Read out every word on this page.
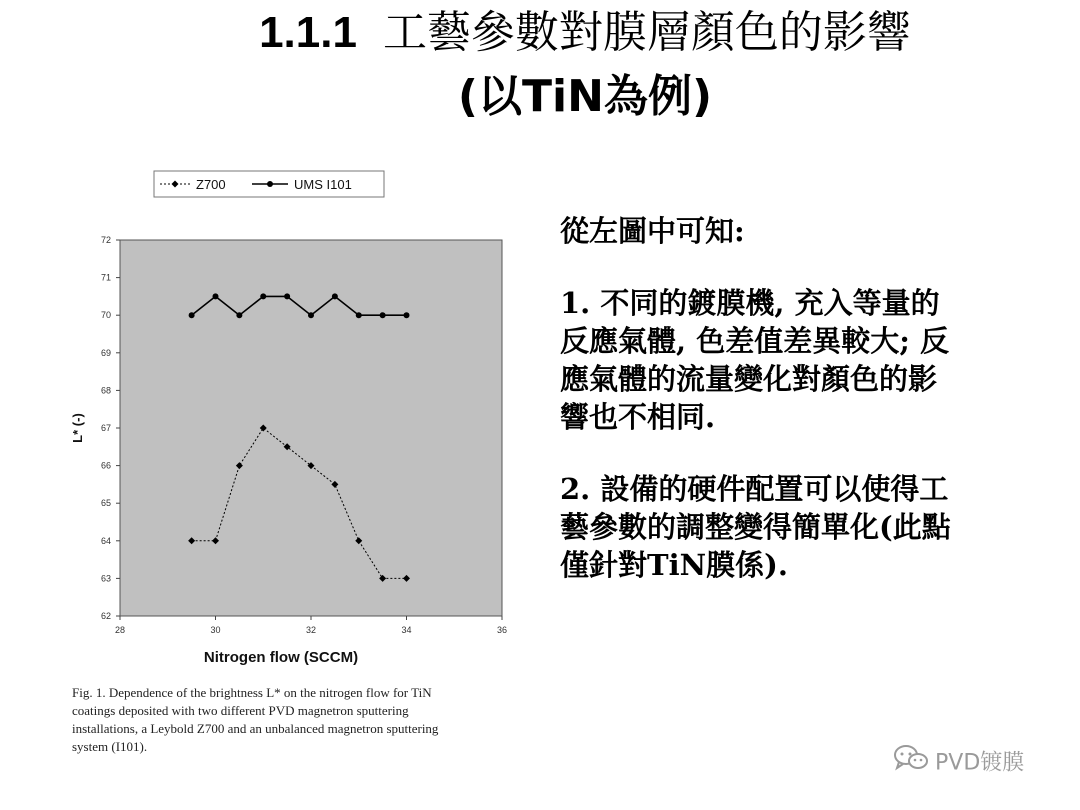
1.1.1 工藝參數對膜層顏色的影響
(以TiN為例)
62
63
64
65
66
67
68
69
70
71
72
28	30	32	34	36
Nitrogen flow (SCCM)
L* (-)
Z700	UMS I101
Fig. 1. Dependence of the brightness L* on the nitrogen flow for TiN
coatings deposited with two different PVD magnetron sputtering
installations, a Leybold Z700 and an unbalanced magnetron sputtering
system (I101).
從左圖中可知:
1. 不同的鍍膜機, 充入等量的
反應氣體, 色差值差異較大; 反
應氣體的流量變化對顏色的影
響也不相同.
2. 設備的硬件配置可以使得工
藝參數的調整變得簡單化(此點
僅針對TiN膜係).
PVD镀膜
